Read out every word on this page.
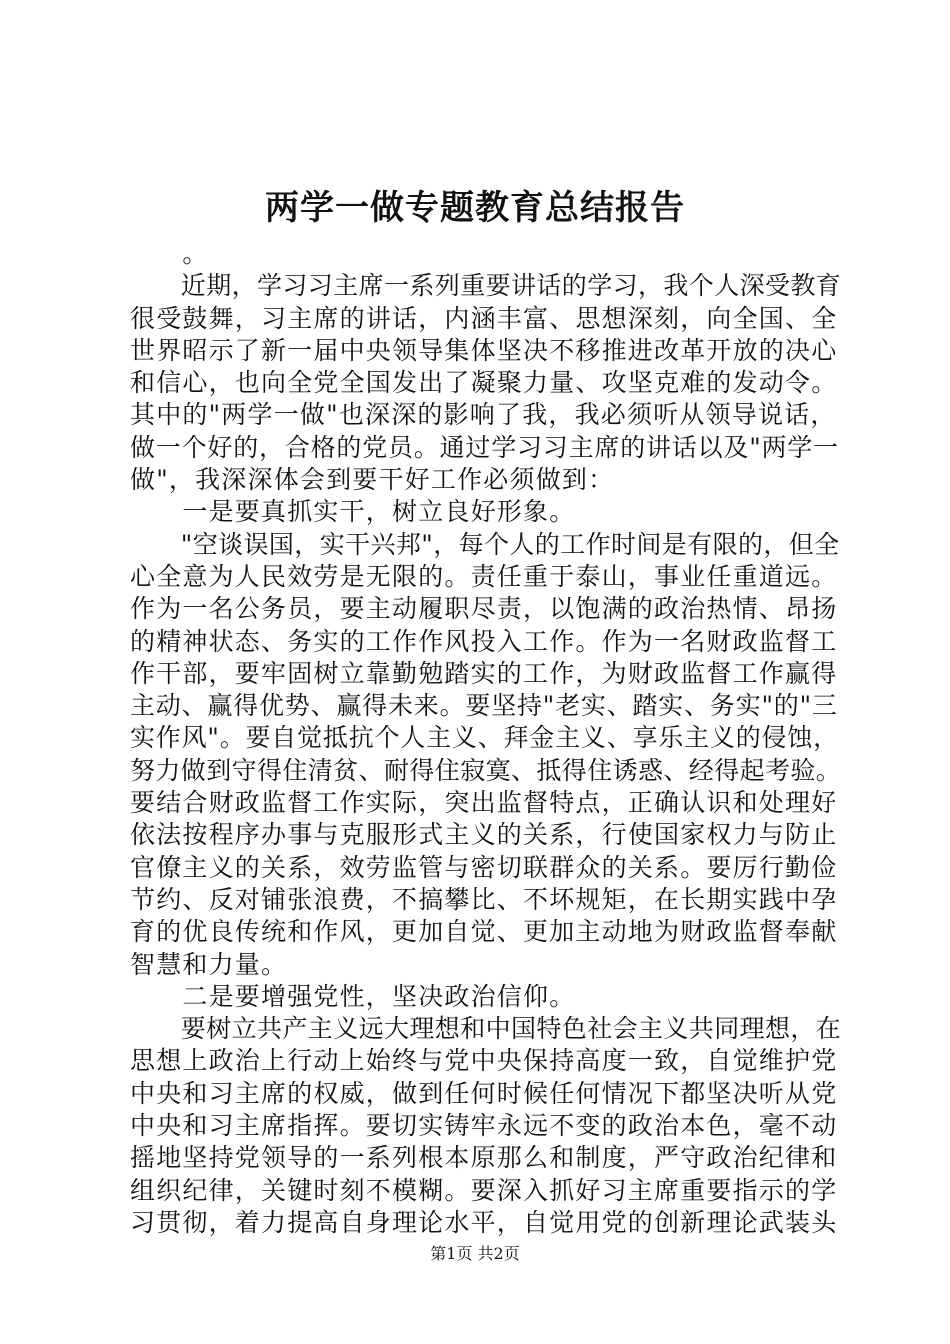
两学一做专题教育总结报告
　　。
　　近期，学习习主席一系列重要讲话的学习，我个人深受教育
很受鼓舞，习主席的讲话，内涵丰富、思想深刻，向全国、全
世界昭示了新一届中央领导集体坚决不移推进改革开放的决心
和信心，也向全党全国发出了凝聚力量、攻坚克难的发动令。
其中的"两学一做"也深深的影响了我，我必须听从领导说话，
做一个好的，合格的党员。通过学习习主席的讲话以及"两学一
做"，我深深体会到要干好工作必须做到：
　　一是要真抓实干，树立良好形象。
　　"空谈误国，实干兴邦"，每个人的工作时间是有限的，但全
心全意为人民效劳是无限的。责任重于泰山，事业任重道远。
作为一名公务员，要主动履职尽责，以饱满的政治热情、昂扬
的精神状态、务实的工作作风投入工作。作为一名财政监督工
作干部，要牢固树立靠勤勉踏实的工作，为财政监督工作赢得
主动、赢得优势、赢得未来。要坚持"老实、踏实、务实"的"三
实作风"。要自觉抵抗个人主义、拜金主义、享乐主义的侵蚀，
努力做到守得住清贫、耐得住寂寞、抵得住诱惑、经得起考验。
要结合财政监督工作实际，突出监督特点，正确认识和处理好
依法按程序办事与克服形式主义的关系，行使国家权力与防止
官僚主义的关系，效劳监管与密切联群众的关系。要厉行勤俭
节约、反对铺张浪费，不搞攀比、不坏规矩，在长期实践中孕
育的优良传统和作风，更加自觉、更加主动地为财政监督奉献
智慧和力量。
　　二是要增强党性，坚决政治信仰。
　　要树立共产主义远大理想和中国特色社会主义共同理想，在
思想上政治上行动上始终与党中央保持高度一致，自觉维护党
中央和习主席的权威，做到任何时候任何情况下都坚决听从党
中央和习主席指挥。要切实铸牢永远不变的政治本色，毫不动
摇地坚持党领导的一系列根本原那么和制度，严守政治纪律和
组织纪律，关键时刻不模糊。要深入抓好习主席重要指示的学
习贯彻，着力提高自身理论水平，自觉用党的创新理论武装头
第1页 共2页
